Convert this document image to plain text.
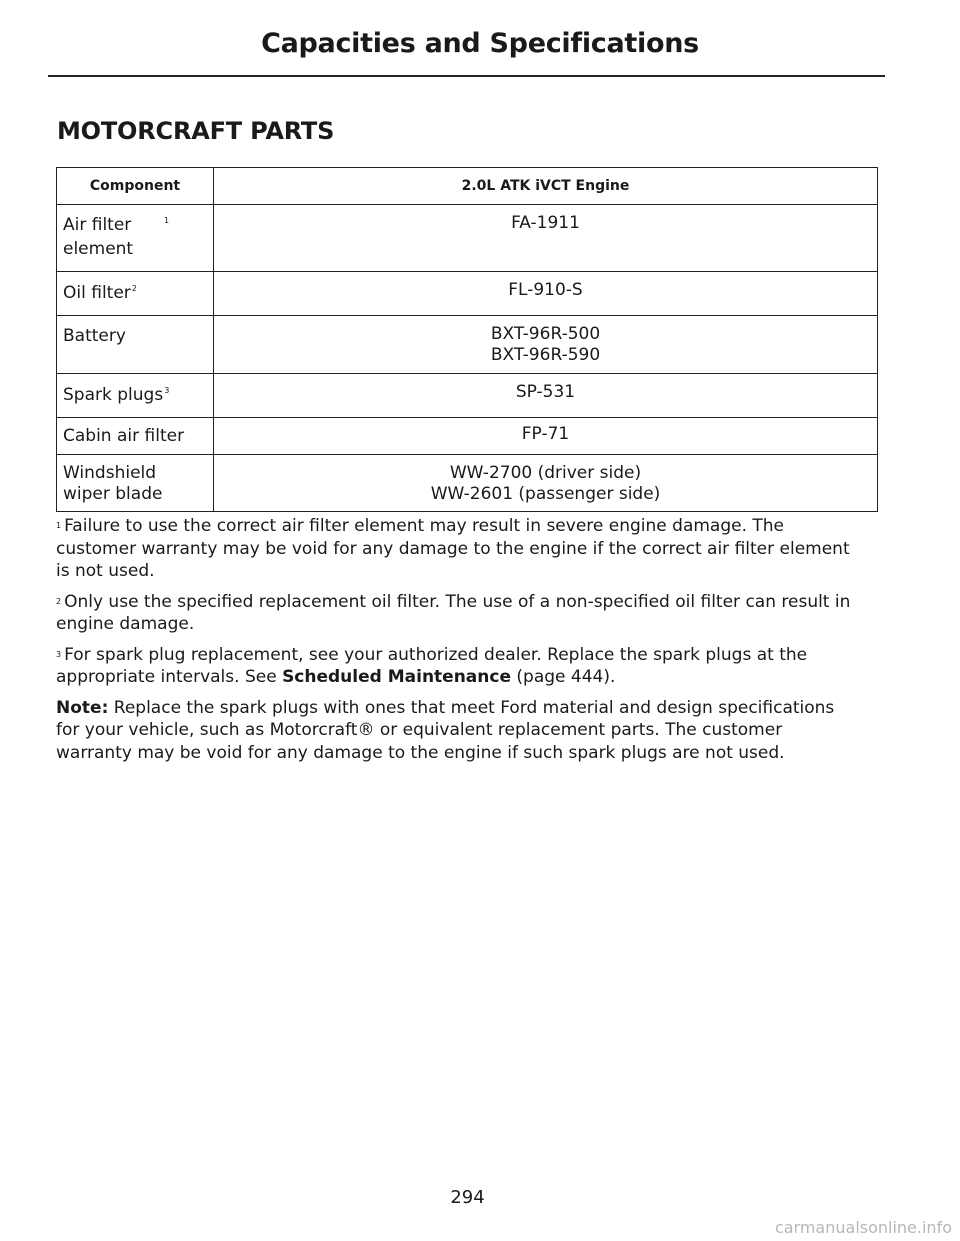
Capacities and Specifications
MOTORCRAFT PARTS
Component	2.0L ATK iVCT Engine
Air filter element$^1$	FA-1911

Oil filter$^2$	FL-910-S

Battery	BXT-96R-500
BXT-96R-590

Spark plugs$^3$	SP-531

Cabin air filter	FP-71

Windshield wiper blade	WW-2700 (driver side)
WW-2601 (passenger side)

$^1$ Failure to use the correct air filter element may result in severe engine damage. The customer warranty may be void for any damage to the engine if the correct air filter element is not used.

$^2$ Only use the specified replacement oil filter. The use of a non-specified oil filter can result in engine damage.

$^3$ For spark plug replacement, see your authorized dealer. Replace the spark plugs at the appropriate intervals. See Scheduled Maintenance (page 444).

Note: Replace the spark plugs with ones that meet Ford material and design specifications for your vehicle, such as Motorcraft® or equivalent replacement parts. The customer warranty may be void for any damage to the engine if such spark plugs are not used.

294
carmanualsonline.info
